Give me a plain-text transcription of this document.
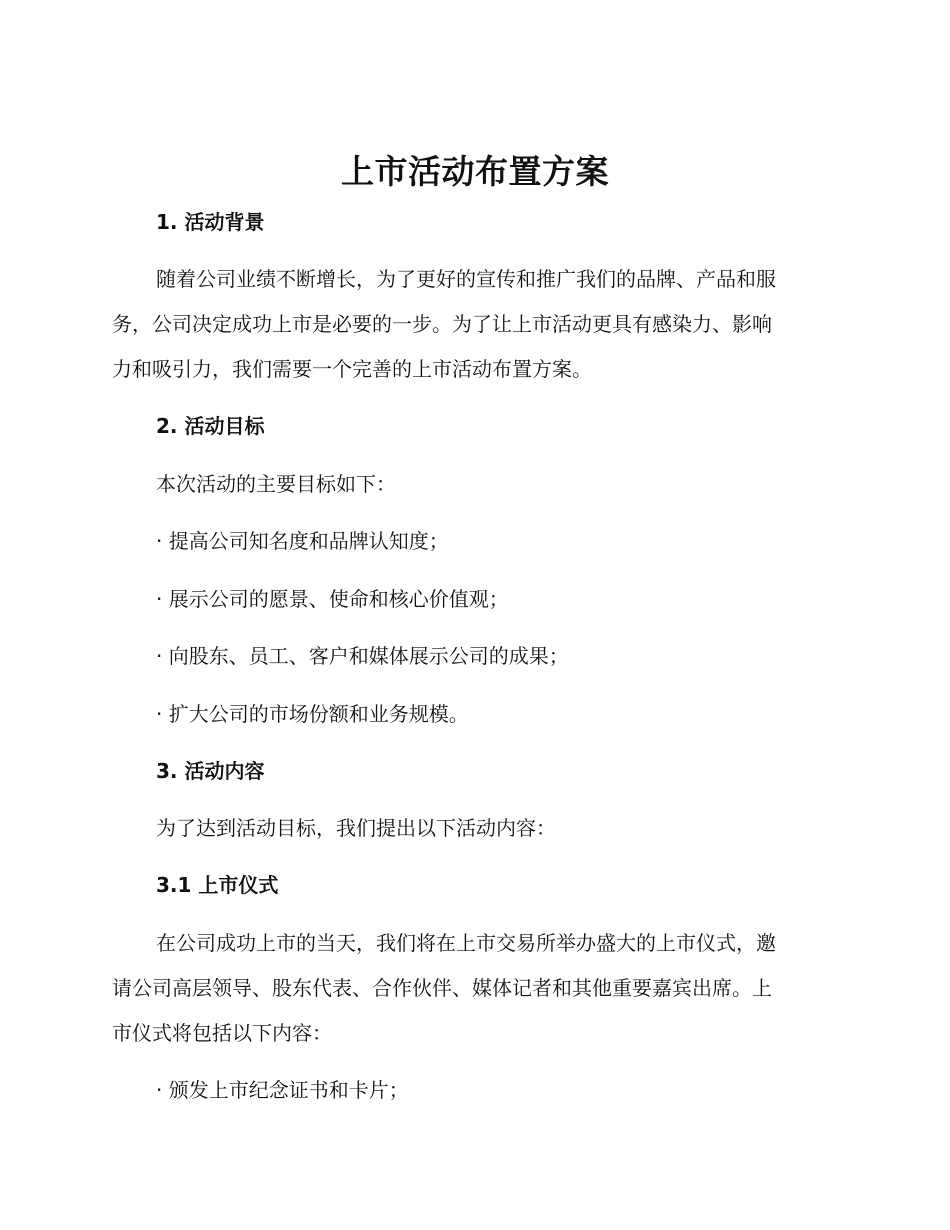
上市活动布置方案
1. 活动背景
随着公司业绩不断增长，为了更好的宣传和推广我们的品牌、产品和服
务，公司决定成功上市是必要的一步。为了让上市活动更具有感染力、影响
力和吸引力，我们需要一个完善的上市活动布置方案。
2. 活动目标
本次活动的主要目标如下：
· 提高公司知名度和品牌认知度；
· 展示公司的愿景、使命和核心价值观；
· 向股东、员工、客户和媒体展示公司的成果；
· 扩大公司的市场份额和业务规模。
3. 活动内容
为了达到活动目标，我们提出以下活动内容：
3.1 上市仪式
在公司成功上市的当天，我们将在上市交易所举办盛大的上市仪式，邀
请公司高层领导、股东代表、合作伙伴、媒体记者和其他重要嘉宾出席。上
市仪式将包括以下内容：
· 颁发上市纪念证书和卡片；
